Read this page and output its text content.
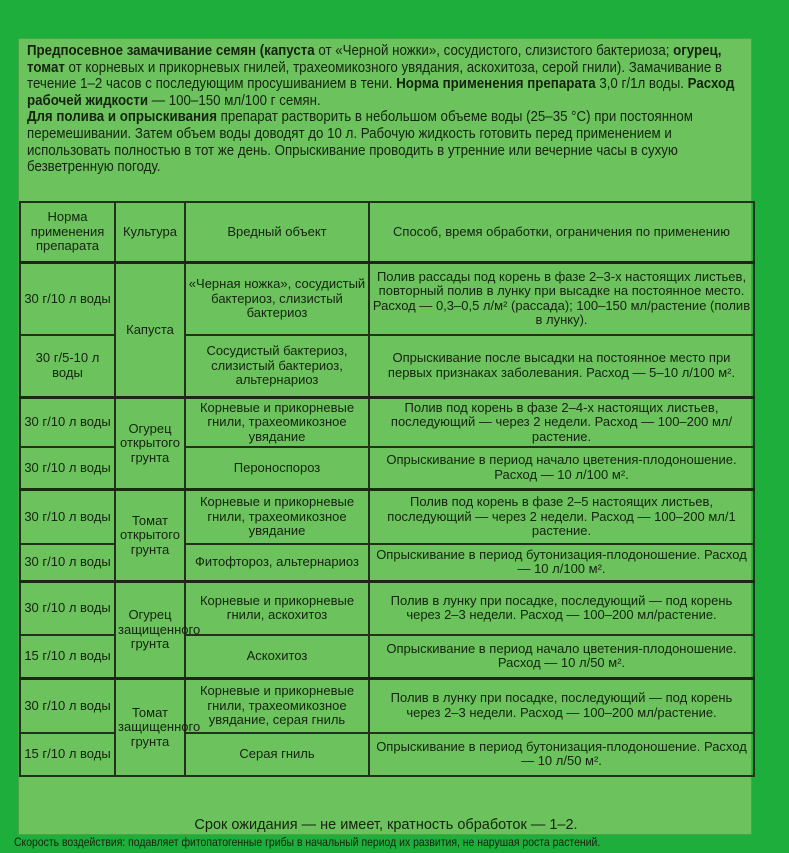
Предпосевное замачивание семян (капуста от «Черной ножки», сосудистого, слизистого бактериоза; огурец, томат от корневых и прикорневых гнилей, трахеомикозного увядания, аскохитоза, серой гнили). Замачивание в течение 1–2 часов с последующим просушиванием в тени. Норма применения препарата 3,0 г/1л воды. Расход рабочей жидкости — 100–150 мл/100 г семян.
Для полива и опрыскивания препарат растворить в небольшом объеме воды (25–35 °С) при постоянном перемешивании. Затем объем воды доводят до 10 л. Рабочую жидкость готовить перед применением и использовать полностью в тот же день. Опрыскивание проводить в утренние или вечерние часы в сухую безветренную погоду.
Норма применения препарата	Культура	Вредный объект	Способ, время обработки, ограничения по применению
30 г/10 л воды	Капуста	«Черная ножка», сосудистый бактериоз, слизистый бактериоз	Полив рассады под корень в фазе 2–3-х настоящих листьев, повторный полив в лунку при высадке на постоянное место. Расход — 0,3–0,5 л/м² (рассада); 100–150 мл/растение (полив в лунку).
30 г/5-10 л воды		Сосудистый бактериоз, слизистый бактериоз, альтернариоз	Опрыскивание после высадки на постоянное место при первых признаках заболевания. Расход — 5–10 л/100 м².
30 г/10 л воды	Огурец открытого грунта	Корневые и прикорневые гнили, трахеомикозное увядание	Полив под корень в фазе 2–4-х настоящих листьев, последующий — через 2 недели. Расход — 100–200 мл/растение.
30 г/10 л воды		Пероноспороз	Опрыскивание в период начало цветения-плодоношение. Расход — 10 л/100 м².
30 г/10 л воды	Томат открытого грунта	Корневые и прикорневые гнили, трахеомикозное увядание	Полив под корень в фазе 2–5 настоящих листьев, последующий — через 2 недели. Расход — 100–200 мл/1 растение.
30 г/10 л воды		Фитофтороз, альтернариоз	Опрыскивание в период бутонизация-плодоношение. Расход — 10 л/100 м².
30 г/10 л воды	Огурец защищенного грунта	Корневые и прикорневые гнили, аскохитоз	Полив в лунку при посадке, последующий — под корень через 2–3 недели. Расход — 100–200 мл/растение.
15 г/10 л воды		Аскохитоз	Опрыскивание в период начало цветения-плодоношение. Расход — 10 л/50 м².
30 г/10 л воды	Томат защищенного грунта	Корневые и прикорневые гнили, трахеомикозное увядание, серая гниль	Полив в лунку при посадке, последующий — под корень через 2–3 недели. Расход — 100–200 мл/растение.
15 г/10 л воды		Серая гниль	Опрыскивание в период бутонизация-плодоношение. Расход — 10 л/50 м².
Срок ожидания — не имеет, кратность обработок — 1–2.
Скорость воздействия: подавляет фитопатогенные грибы в начальный период их развития, не нарушая роста растений.
